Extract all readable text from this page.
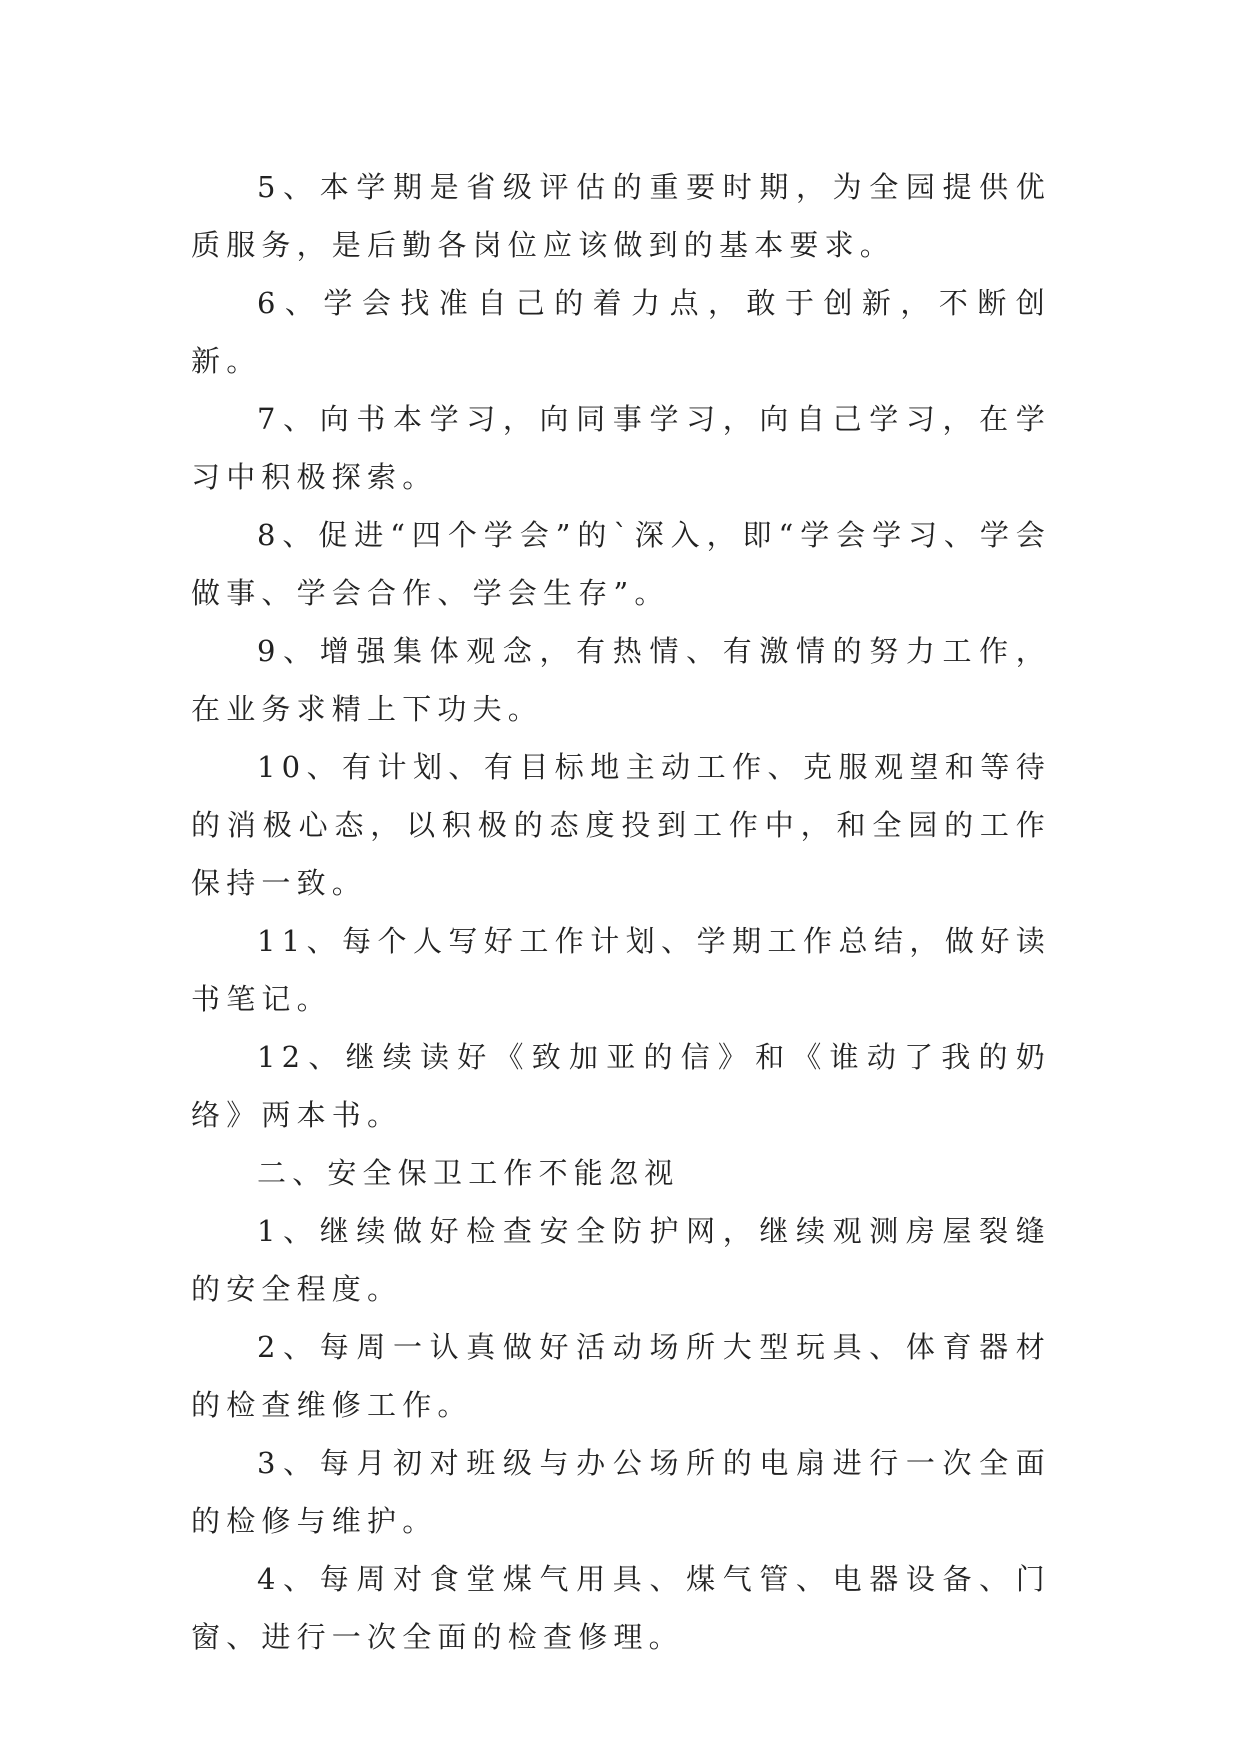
5、本学期是省级评估的重要时期，为全园提供优质服务，是后勤各岗位应该做到的基本要求。

6、学会找准自己的着力点，敢于创新，不断创新。

7、向书本学习，向同事学习，向自己学习，在学习中积极探索。

8、促进“四个学会”的`深入，即“学会学习、学会做事、学会合作、学会生存”。

9、增强集体观念，有热情、有激情的努力工作，在业务求精上下功夫。

10、有计划、有目标地主动工作、克服观望和等待的消极心态，以积极的态度投到工作中，和全园的工作保持一致。

11、每个人写好工作计划、学期工作总结，做好读书笔记。

12、继续读好《致加亚的信》和《谁动了我的奶络》两本书。

二、安全保卫工作不能忽视

1、继续做好检查安全防护网，继续观测房屋裂缝的安全程度。

2、每周一认真做好活动场所大型玩具、体育器材的检查维修工作。

3、每月初对班级与办公场所的电扇进行一次全面的检修与维护。

4、每周对食堂煤气用具、煤气管、电器设备、门窗、进行一次全面的检查修理。
